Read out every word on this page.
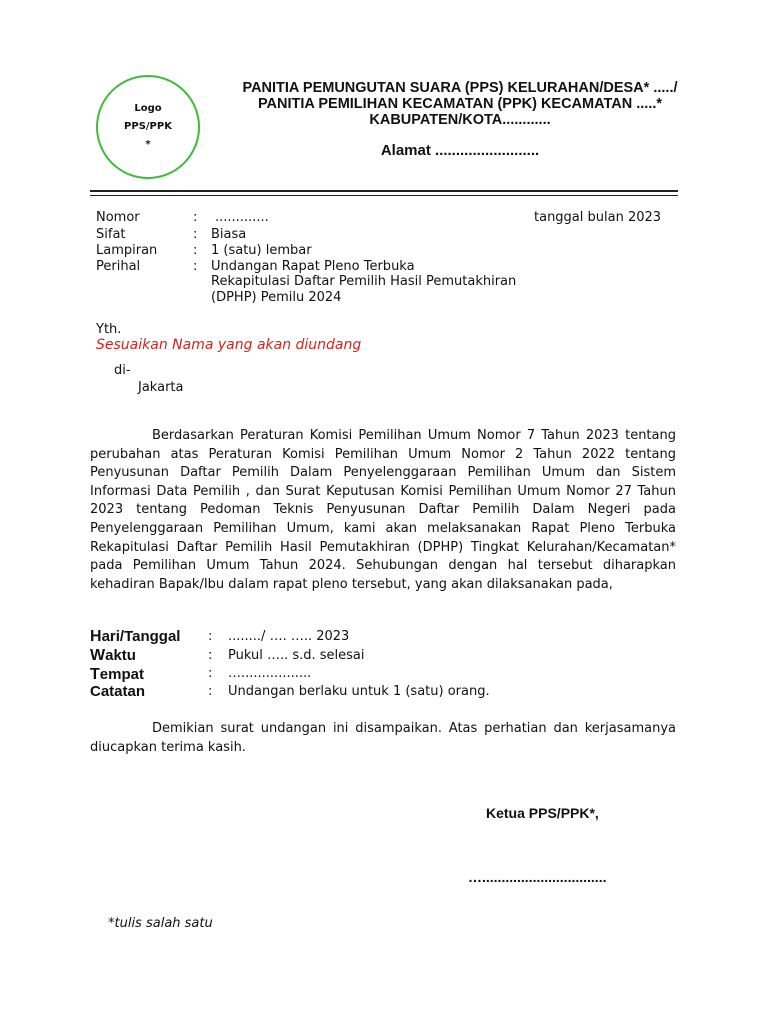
Logo
PPS/PPK
*
PANITIA PEMUNGUTAN SUARA (PPS) KELURAHAN/DESA* ...../
PANITIA PEMILIHAN KECAMATAN (PPK) KECAMATAN .....*
KABUPATEN/KOTA............
Alamat .........................
tanggal bulan 2023
Nomor	: .............
Sifat	: Biasa
Lampiran	: 1 (satu) lembar
Perihal	: Undangan Rapat Pleno Terbuka
Rekapitulasi Daftar Pemilih Hasil Pemutakhiran
(DPHP) Pemilu 2024
Yth.
Sesuaikan Nama yang akan diundang
di-
Jakarta

Berdasarkan Peraturan Komisi Pemilihan Umum Nomor 7 Tahun 2023 tentang perubahan atas Peraturan Komisi Pemilihan Umum Nomor 2 Tahun 2022 tentang Penyusunan Daftar Pemilih Dalam Penyelenggaraan Pemilihan Umum dan Sistem Informasi Data Pemilih , dan Surat Keputusan Komisi Pemilihan Umum Nomor 27 Tahun 2023 tentang Pedoman Teknis Penyusunan Daftar Pemilih Dalam Negeri pada Penyelenggaraan Pemilihan Umum, kami akan melaksanakan Rapat Pleno Terbuka Rekapitulasi Daftar Pemilih Hasil Pemutakhiran (DPHP) Tingkat Kelurahan/Kecamatan* pada Pemilihan Umum Tahun 2024. Sehubungan dengan hal tersebut diharapkan kehadiran Bapak/Ibu dalam rapat pleno tersebut, yang akan dilaksanakan pada,

Hari/Tanggal : ......../ …. ….. 2023
Waktu	: Pukul ….. s.d. selesai
Tempat	: ….................
Catatan	: Undangan berlaku untuk 1 (satu) orang.

Demikian surat undangan ini disampaikan. Atas perhatian dan kerjasamanya diucapkan terima kasih.

Ketua PPS/PPK*,
…................................
*tulis salah satu
